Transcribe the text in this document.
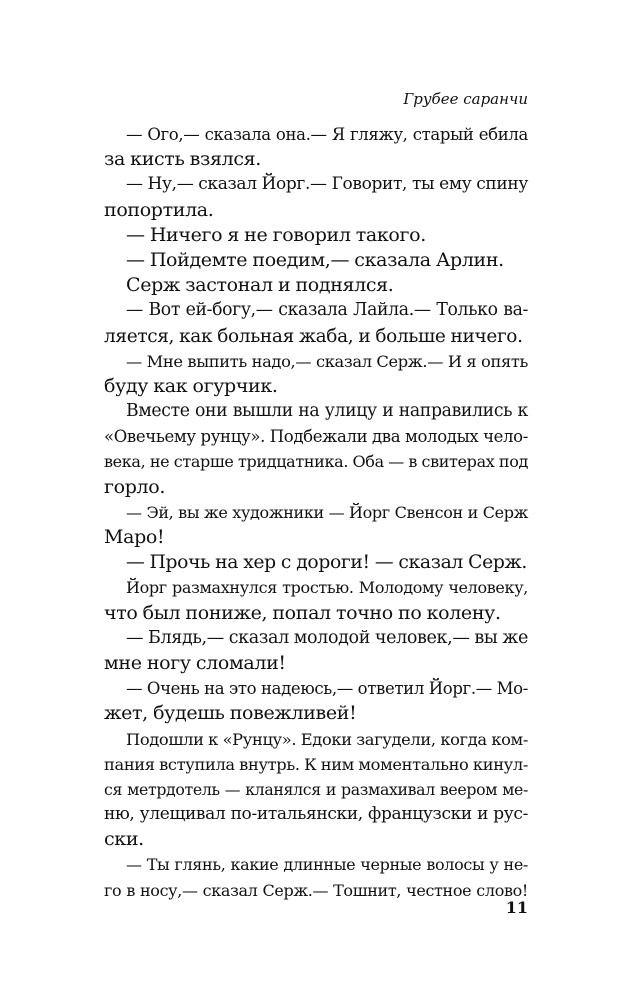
Грубее саранчи
— Ого,— сказала она.— Я гляжу, старый ебила
за кисть взялся.
— Ну,— сказал Йорг.— Говорит, ты ему спину
попортила.
— Ничего я не говорил такого.
— Пойдемте поедим,— сказала Арлин.
Серж застонал и поднялся.
— Вот ей-богу,— сказала Лайла.— Только ва-
ляется, как больная жаба, и больше ничего.
— Мне выпить надо,— сказал Серж.— И я опять
буду как огурчик.
Вместе они вышли на улицу и направились к
«Овечьему рунцу». Подбежали два молодых чело-
века, не старше тридцатника. Оба — в свитерах под
горло.
— Эй, вы же художники — Йорг Свенсон и Серж
Маро!
— Прочь на хер с дороги! — сказал Серж.
Йорг размахнулся тростью. Молодому человеку,
что был пониже, попал точно по колену.
— Блядь,— сказал молодой человек,— вы же
мне ногу сломали!
— Очень на это надеюсь,— ответил Йорг.— Мо-
жет, будешь повежливей!
Подошли к «Рунцу». Едоки загудели, когда ком-
пания вступила внутрь. К ним моментально кинул-
ся метрдотель — кланялся и размахивал веером ме-
ню, улещивал по-итальянски, французски и рус-
ски.
— Ты глянь, какие длинные черные волосы у не-
го в носу,— сказал Серж.— Тошнит, честное слово!
11
